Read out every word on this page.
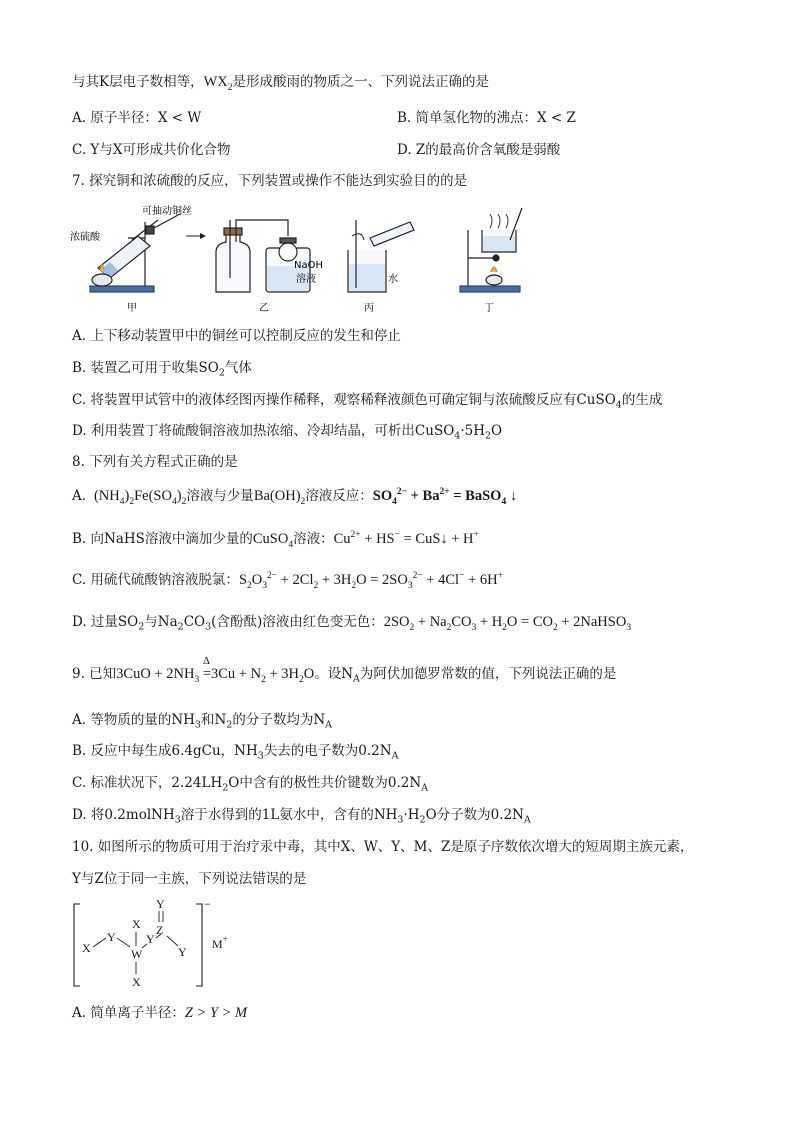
与其K层电子数相等，$WX_2$是形成酸雨的物质之一、下列说法正确的是
A. 原子半径：X < W	B. 简单氢化物的沸点：X < Z
C. Y与X可形成共价化合物	D. Z的最高价含氧酸是弱酸
7. 探究铜和浓硫酸的反应，下列装置或操作不能达到实验目的的是
可抽动铜丝
浓硫酸
甲
NaOH
溶液
乙
水
丙	丁
A. 上下移动装置甲中的铜丝可以控制反应的发生和停止
B. 装置乙可用于收集$SO_2$气体
C. 将装置甲试管中的液体经图丙操作稀释，观察稀释液颜色可确定铜与浓硫酸反应有CuSO$_4$的生成
D. 利用装置丁将硫酸铜溶液加热浓缩、冷却结晶，可析出$CuSO_4\cdot 5H_2O$
8. 下列有关方程式正确的是
A.  $(NH_4)_2Fe(SO_4)_2$溶液与少量$Ba(OH)_2$溶液反应：$SO_4^{2-} + Ba^{2+}$ = BaSO$_4$ ↓
B. 向NaHS溶液中滴加少量的CuSO$_4$溶液：$Cu^{2+} + HS^-$ = CuS↓ + H+
C. 用硫代硫酸钠溶液脱氯：$S_2O_3^{2-} + 2Cl_2 + 3H_2O = 2SO_3^{2-} + 4Cl^- + 6H^+$
D. 过量$SO_2$与$Na_2CO_3$(含酚酞)溶液由红色变无色：$2SO_2 + Na_2CO_3 + H_2O = CO_2$ + 2NaHSO$_3$
9. 已知$3CuO + 2NH_3$ =
Δ
$3Cu + N_2 + 3H_2O$。设$N_A$为阿伏加德罗常数的值，下列说法正确的是
A. 等物质的量的$NH_3$和$N_2$的分子数均为$N_A$
B. 反应中每生成6.4gCu，$NH_3$失去的电子数为$0.2N_A$
C. 标准状况下，$2.24LH_2O$中含有的极性共价键数为$0.2N_A$
D. 将0.2molNH$_3$溶于水得到的1L氨水中，含有的$NH_3\cdot H_2O$分子数为$0.2N_A$
10. 如图所示的物质可用于治疗汞中毒，其中X、W、Y、M、Z是原子序数依次增大的短周期主族元素，
Y与Z位于同一主族，下列说法错误的是
−
X
Y
X
W
X
Y
Y
Z
Y
M+
A. 简单离子半径：Z > Y > M
